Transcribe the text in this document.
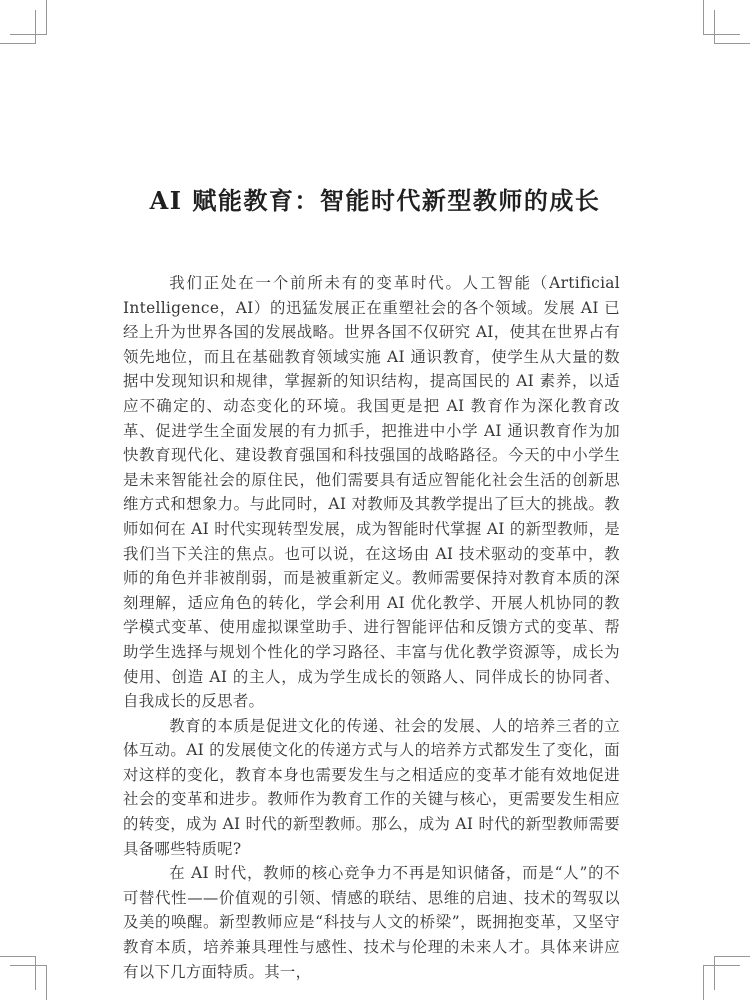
AI 赋能教育：智能时代新型教师的成长

我们正处在一个前所未有的变革时代。人工智能（Artificial Intelligence，AI）的迅猛发展正在重塑社会的各个领域。发展 AI 已经上升为世界各国的发展战略。世界各国不仅研究 AI，使其在世界占有领先地位，而且在基础教育领域实施 AI 通识教育，使学生从大量的数据中发现知识和规律，掌握新的知识结构，提高国民的 AI 素养，以适应不确定的、动态变化的环境。我国更是把 AI 教育作为深化教育改革、促进学生全面发展的有力抓手，把推进中小学 AI 通识教育作为加快教育现代化、建设教育强国和科技强国的战略路径。今天的中小学生是未来智能社会的原住民，他们需要具有适应智能化社会生活的创新思维方式和想象力。与此同时，AI 对教师及其教学提出了巨大的挑战。教师如何在 AI 时代实现转型发展，成为智能时代掌握 AI 的新型教师，是我们当下关注的焦点。也可以说，在这场由 AI 技术驱动的变革中，教师的角色并非被削弱，而是被重新定义。教师需要保持对教育本质的深刻理解，适应角色的转化，学会利用 AI 优化教学、开展人机协同的教学模式变革、使用虚拟课堂助手、进行智能评估和反馈方式的变革、帮助学生选择与规划个性化的学习路径、丰富与优化教学资源等，成长为使用、创造 AI 的主人，成为学生成长的领路人、同伴成长的协同者、自我成长的反思者。

教育的本质是促进文化的传递、社会的发展、人的培养三者的立体互动。AI 的发展使文化的传递方式与人的培养方式都发生了变化，面对这样的变化，教育本身也需要发生与之相适应的变革才能有效地促进社会的变革和进步。教师作为教育工作的关键与核心，更需要发生相应的转变，成为 AI 时代的新型教师。那么，成为 AI 时代的新型教师需要具备哪些特质呢?

在 AI 时代，教师的核心竞争力不再是知识储备，而是“人”的不可替代性——价值观的引领、情感的联结、思维的启迪、技术的驾驭以及美的唤醒。新型教师应是“科技与人文的桥梁”，既拥抱变革，又坚守教育本质，培养兼具理性与感性、技术与伦理的未来人才。具体来讲应有以下几方面特质。其一，
